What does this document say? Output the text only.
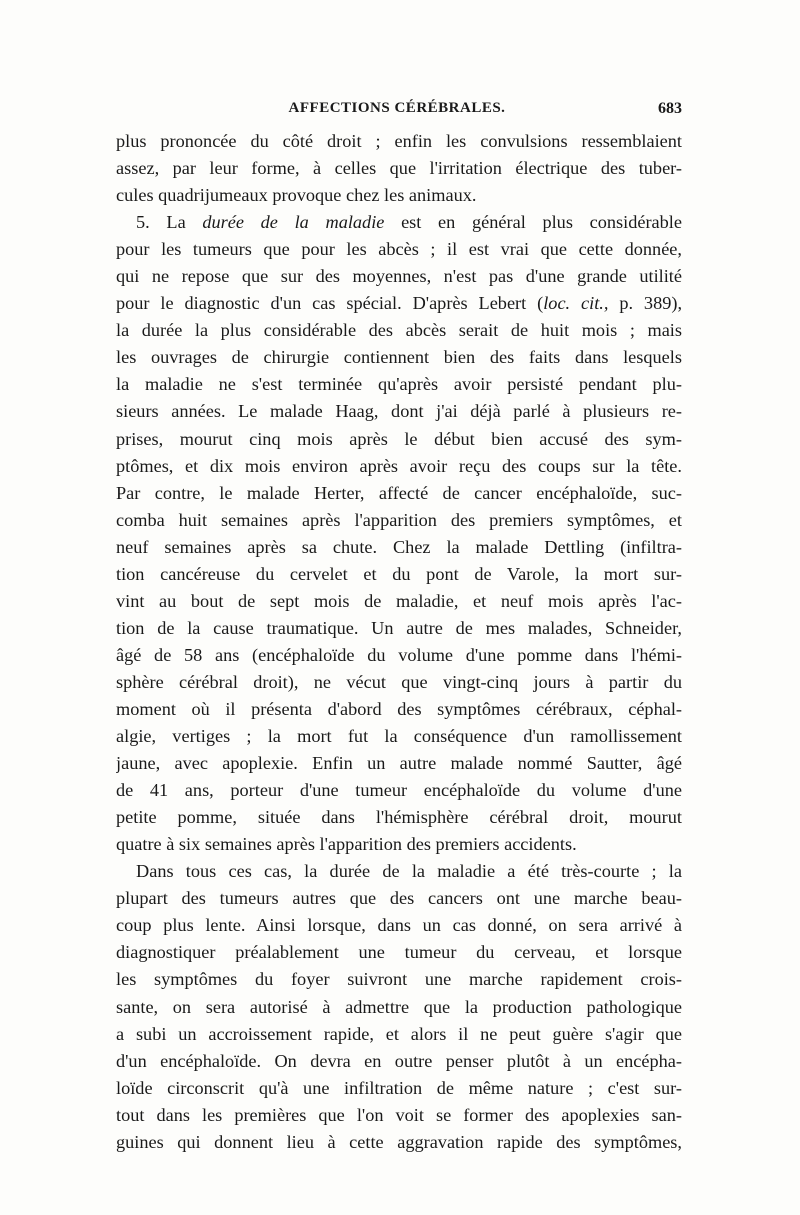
AFFECTIONS CÉRÉBRALES.	683
plus prononcée du côté droit ; enfin les convulsions ressemblaient
assez, par leur forme, à celles que l'irritation électrique des tuber-
cules quadrijumeaux provoque chez les animaux.
5. La durée de la maladie est en général plus considérable
pour les tumeurs que pour les abcès ; il est vrai que cette donnée,
qui ne repose que sur des moyennes, n'est pas d'une grande utilité
pour le diagnostic d'un cas spécial. D'après Lebert (loc. cit., p. 389),
la durée la plus considérable des abcès serait de huit mois ; mais
les ouvrages de chirurgie contiennent bien des faits dans lesquels
la maladie ne s'est terminée qu'après avoir persisté pendant plu-
sieurs années. Le malade Haag, dont j'ai déjà parlé à plusieurs re-
prises, mourut cinq mois après le début bien accusé des sym-
ptômes, et dix mois environ après avoir reçu des coups sur la tête.
Par contre, le malade Herter, affecté de cancer encéphaloïde, suc-
comba huit semaines après l'apparition des premiers symptômes, et
neuf semaines après sa chute. Chez la malade Dettling (infiltra-
tion cancéreuse du cervelet et du pont de Varole, la mort sur-
vint au bout de sept mois de maladie, et neuf mois après l'ac-
tion de la cause traumatique. Un autre de mes malades, Schneider,
âgé de 58 ans (encéphaloïde du volume d'une pomme dans l'hémi-
sphère cérébral droit), ne vécut que vingt-cinq jours à partir du
moment où il présenta d'abord des symptômes cérébraux, céphal-
algie, vertiges ; la mort fut la conséquence d'un ramollissement
jaune, avec apoplexie. Enfin un autre malade nommé Sautter, âgé
de 41 ans, porteur d'une tumeur encéphaloïde du volume d'une
petite pomme, située dans l'hémisphère cérébral droit, mourut
quatre à six semaines après l'apparition des premiers accidents.
Dans tous ces cas, la durée de la maladie a été très-courte ; la
plupart des tumeurs autres que des cancers ont une marche beau-
coup plus lente. Ainsi lorsque, dans un cas donné, on sera arrivé à
diagnostiquer préalablement une tumeur du cerveau, et lorsque
les symptômes du foyer suivront une marche rapidement crois-
sante, on sera autorisé à admettre que la production pathologique
a subi un accroissement rapide, et alors il ne peut guère s'agir que
d'un encéphaloïde. On devra en outre penser plutôt à un encépha-
loïde circonscrit qu'à une infiltration de même nature ; c'est sur-
tout dans les premières que l'on voit se former des apoplexies san-
guines qui donnent lieu à cette aggravation rapide des symptômes,
